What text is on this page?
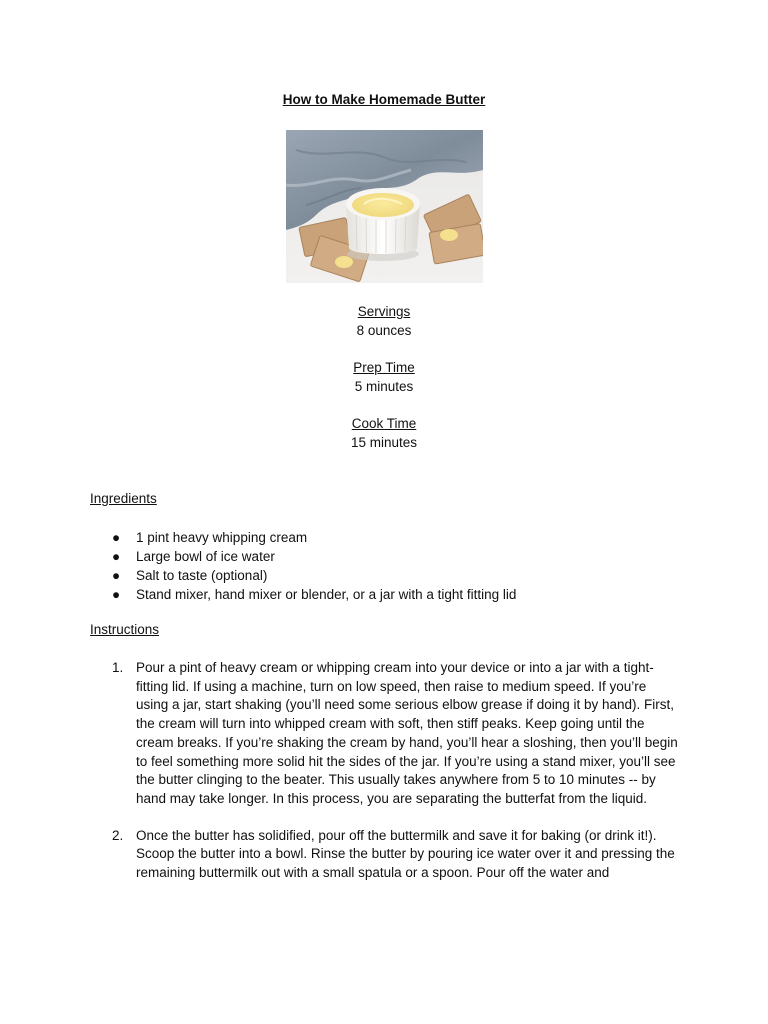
How to Make Homemade Butter
Servings
8 ounces
Prep Time
5 minutes
Cook Time
15 minutes
Ingredients
● 1 pint heavy whipping cream
● Large bowl of ice water
● Salt to taste (optional)
● Stand mixer, hand mixer or blender, or a jar with a tight fitting lid
Instructions
1. Pour a pint of heavy cream or whipping cream into your device or into a jar with a tight-fitting lid. If using a machine, turn on low speed, then raise to medium speed. If you’re using a jar, start shaking (you’ll need some serious elbow grease if doing it by hand). First, the cream will turn into whipped cream with soft, then stiff peaks. Keep going until the cream breaks. If you’re shaking the cream by hand, you’ll hear a sloshing, then you’ll begin to feel something more solid hit the sides of the jar. If you’re using a stand mixer, you’ll see the butter clinging to the beater. This usually takes anywhere from 5 to 10 minutes -- by hand may take longer. In this process, you are separating the butterfat from the liquid.
2. Once the butter has solidified, pour off the buttermilk and save it for baking (or drink it!). Scoop the butter into a bowl. Rinse the butter by pouring ice water over it and pressing the remaining buttermilk out with a small spatula or a spoon. Pour off the water and
